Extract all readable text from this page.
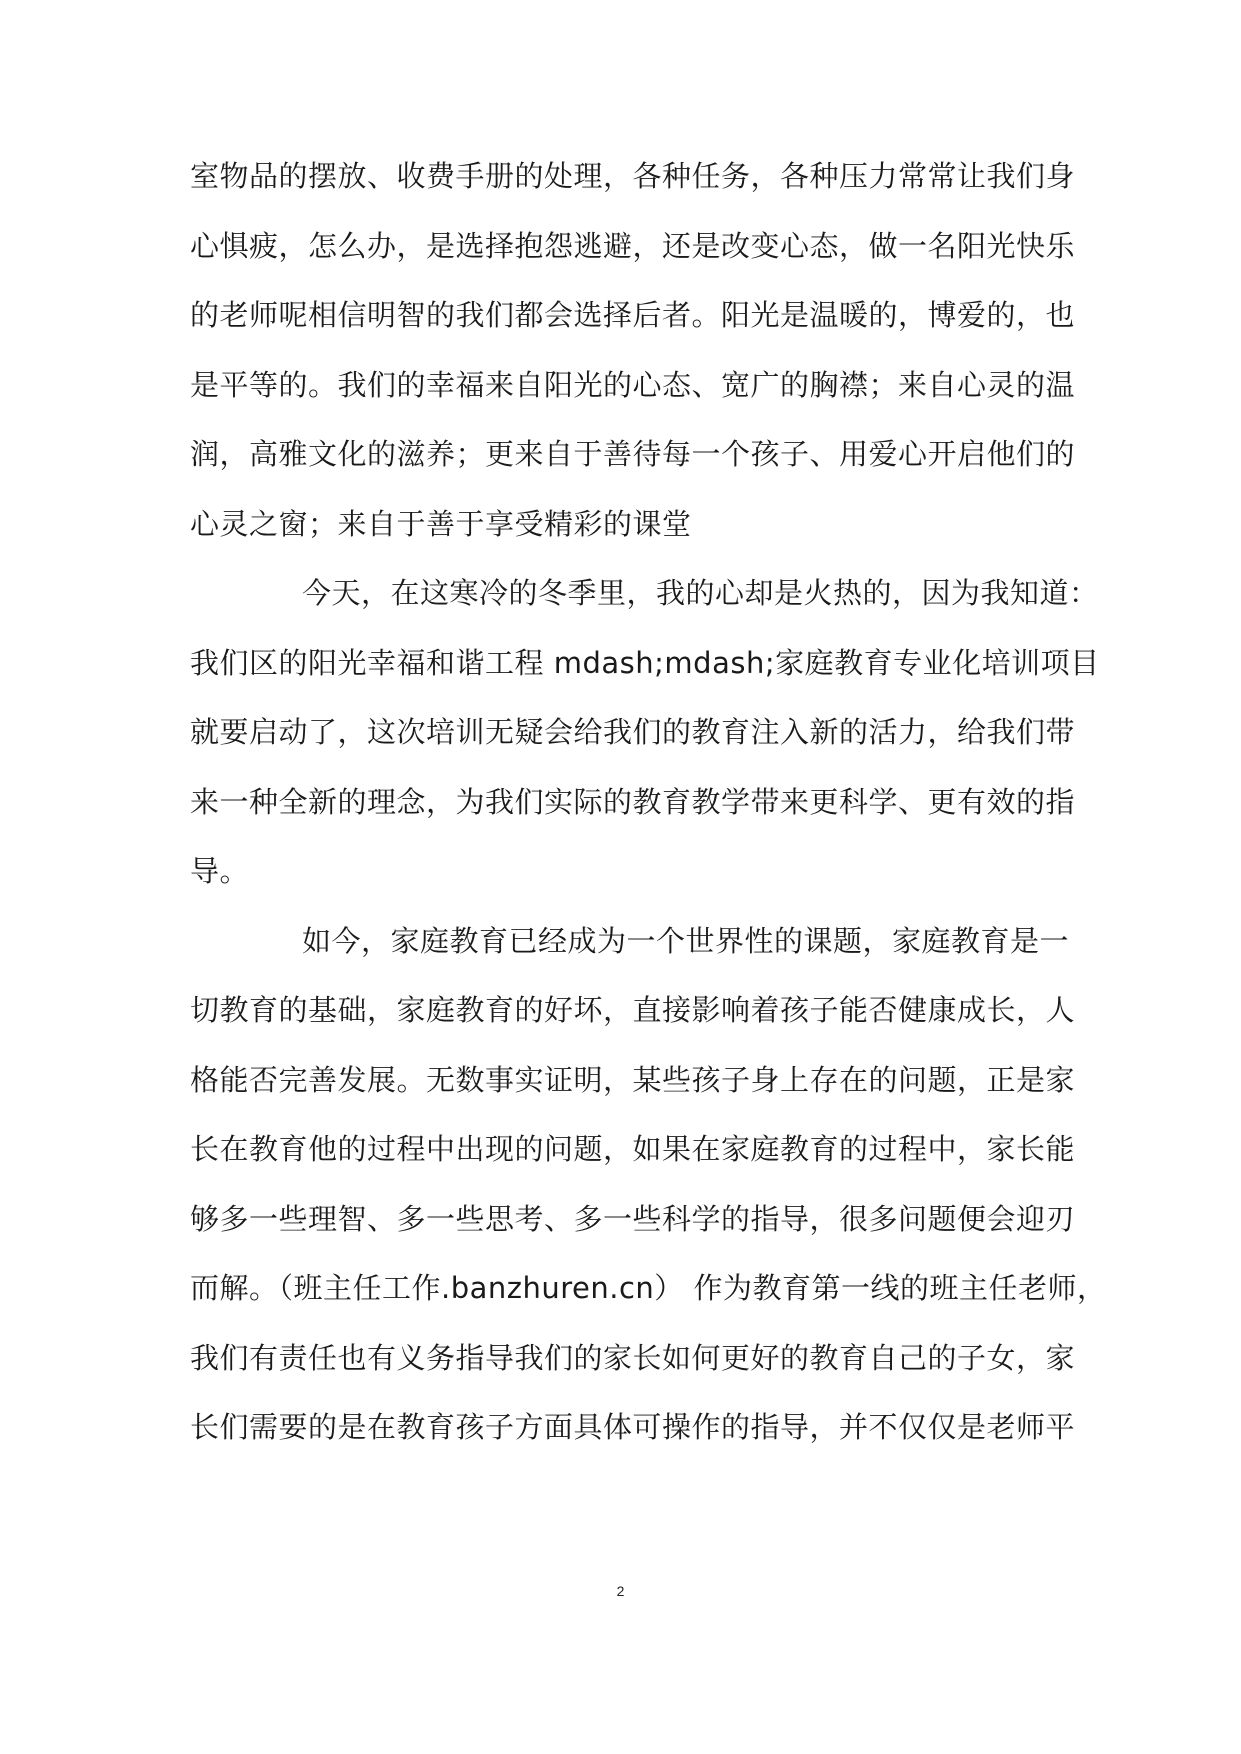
室物品的摆放、收费手册的处理，各种任务，各种压力常常让我们身
心惧疲，怎么办，是选择抱怨逃避，还是改变心态，做一名阳光快乐
的老师呢相信明智的我们都会选择后者。阳光是温暖的，博爱的，也
是平等的。我们的幸福来自阳光的心态、宽广的胸襟；来自心灵的温
润，高雅文化的滋养；更来自于善待每一个孩子、用爱心开启他们的
心灵之窗；来自于善于享受精彩的课堂
今天，在这寒冷的冬季里，我的心却是火热的，因为我知道：
我们区的阳光幸福和谐工程 mdash;mdash;家庭教育专业化培训项目
就要启动了，这次培训无疑会给我们的教育注入新的活力，给我们带
来一种全新的理念，为我们实际的教育教学带来更科学、更有效的指
导。
如今，家庭教育已经成为一个世界性的课题，家庭教育是一
切教育的基础，家庭教育的好坏，直接影响着孩子能否健康成长，人
格能否完善发展。无数事实证明，某些孩子身上存在的问题，正是家
长在教育他的过程中出现的问题，如果在家庭教育的过程中，家长能
够多一些理智、多一些思考、多一些科学的指导，很多问题便会迎刃
而解。（班主任工作.banzhuren.cn） 作为教育第一线的班主任老师，
我们有责任也有义务指导我们的家长如何更好的教育自己的子女，家
长们需要的是在教育孩子方面具体可操作的指导，并不仅仅是老师平
2
